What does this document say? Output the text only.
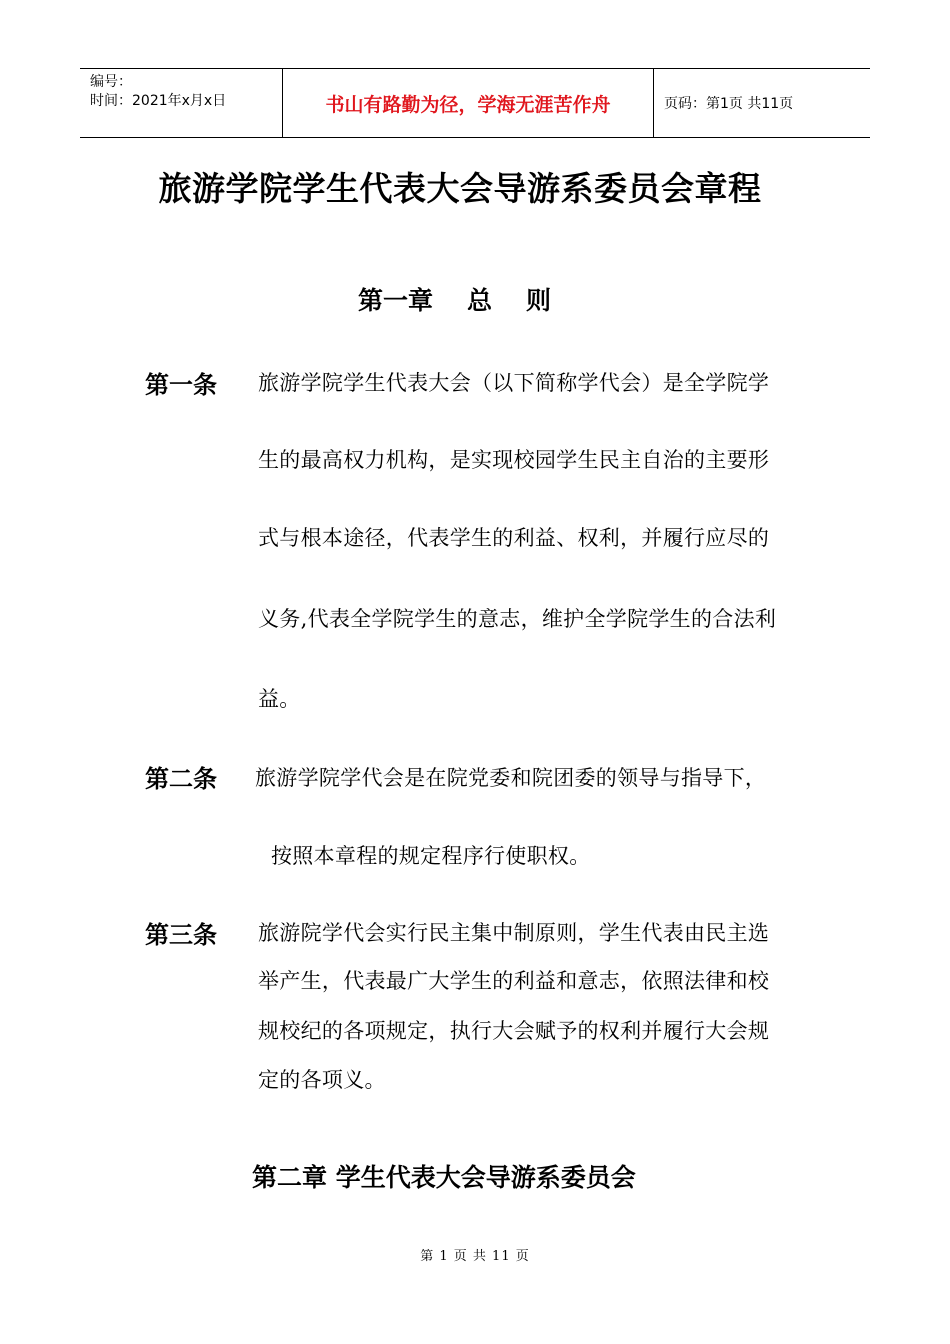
编号：
时间：2021年x月x日	书山有路勤为径，学海无涯苦作舟	页码：第1页 共11页
旅游学院学生代表大会导游系委员会章程
第一章 总 则
第一条 旅游学院学生代表大会（以下简称学代会）是全学院学
生的最高权力机构，是实现校园学生民主自治的主要形
式与根本途径，代表学生的利益、权利，并履行应尽的
义务,代表全学院学生的意志，维护全学院学生的合法利
益。
第二条 旅游学院学代会是在院党委和院团委的领导与指导下，
按照本章程的规定程序行使职权。
第三条 旅游院学代会实行民主集中制原则，学生代表由民主选
举产生，代表最广大学生的利益和意志，依照法律和校
规校纪的各项规定，执行大会赋予的权利并履行大会规
定的各项义。
第二章 学生代表大会导游系委员会
第 1 页 共 11 页
